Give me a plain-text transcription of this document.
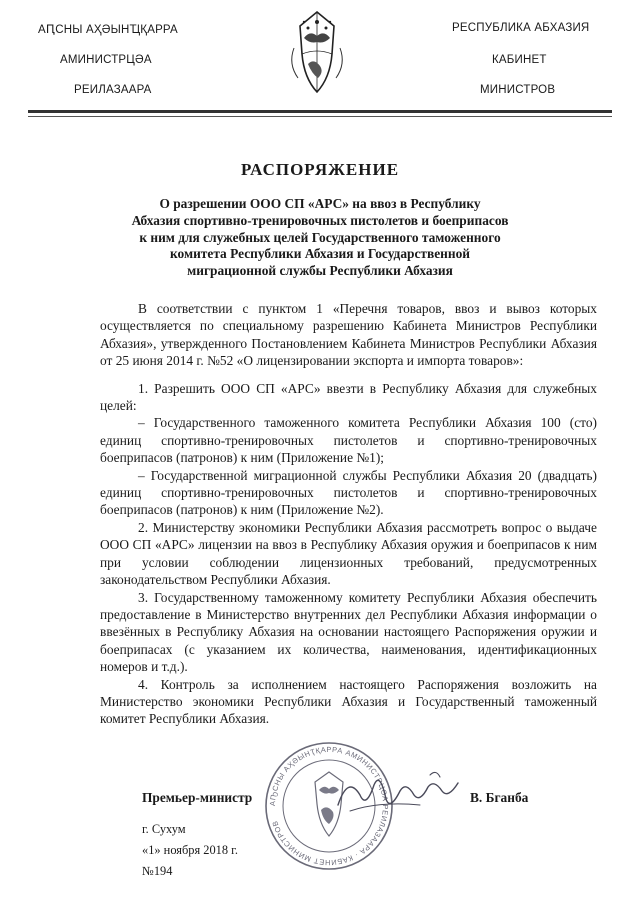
АԤСНЫ АҲӘЫНҴҚАРРА
АМИНИСТРЦӘА
РЕИЛАЗААРА
РЕСПУБЛИКА АБХАЗИЯ
КАБИНЕТ
МИНИСТРОВ
РАСПОРЯЖЕНИЕ
О разрешении ООО СП «АРС» на ввоз в Республику
Абхазия спортивно-тренировочных пистолетов и боеприпасов
к ним для служебных целей Государственного таможенного
комитета Республики Абхазия и Государственной
миграционной службы Республики Абхазия

В соответствии с пунктом 1 «Перечня товаров, ввоз и вывоз которых осуществляется по специальному разрешению Кабинета Министров Республики Абхазия», утвержденного Постановлением Кабинета Министров Республики Абхазия от 25 июня 2014 г. №52 «О лицензировании экспорта и импорта товаров»:

1. Разрешить ООО СП «АРС» ввезти в Республику Абхазия для служебных целей:

– Государственного таможенного комитета Республики Абхазия 100 (сто) единиц спортивно-тренировочных пистолетов и спортивно-тренировочных боеприпасов (патронов) к ним (Приложение №1);

– Государственной миграционной службы Республики Абхазия 20 (двадцать) единиц спортивно-тренировочных пистолетов и спортивно-тренировочных боеприпасов (патронов) к ним (Приложение №2).

2. Министерству экономики Республики Абхазия рассмотреть вопрос о выдаче ООО СП «АРС» лицензии на ввоз в Республику Абхазия оружия и боеприпасов к ним при условии соблюдении лицензионных требований, предусмотренных законодательством Республики Абхазия.

3. Государственному таможенному комитету Республики Абхазия обеспечить предоставление в Министерство внутренних дел Республики Абхазия информации о ввезённых в Республику Абхазия на основании настоящего Распоряжения оружии и боеприпасах (с указанием их количества, наименования, идентификационных номеров и т.д.).

4. Контроль за исполнением настоящего Распоряжения возложить на Министерство экономики Республики Абхазия и Государственный таможенный комитет Республики Абхазия.

АҦСНЫ АҲӘЫНҬҚАРРА АМИНИСТРЦӘА РЕИЛАЗААРА · КАБИНЕТ МИНИСТРОВ
Премьер-министр	В. Бганба
г. Сухум
«1» ноября 2018 г.
№194
